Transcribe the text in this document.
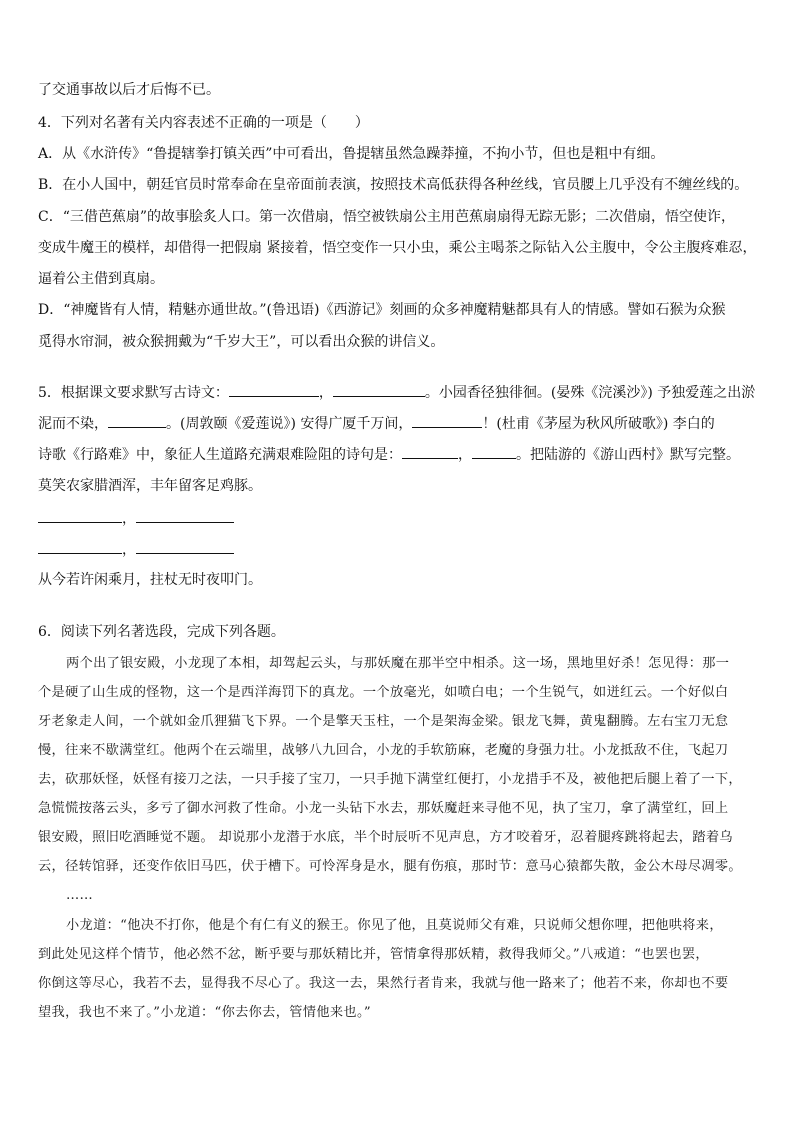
了交通事故以后才后悔不已。
4．下列对名著有关内容表述不正确的一项是（　　）
A．从《水浒传》“鲁提辖拳打镇关西”中可看出，鲁提辖虽然急躁莽撞，不拘小节，但也是粗中有细。
B．在小人国中，朝廷官员时常奉命在皇帝面前表演，按照技术高低获得各种丝线，官员腰上几乎没有不缠丝线的。
C．“三借芭蕉扇”的故事脍炙人口。第一次借扇，悟空被铁扇公主用芭蕉扇扇得无踪无影；二次借扇，悟空使诈，
变成牛魔王的模样，却借得一把假扇 紧接着，悟空变作一只小虫，乘公主喝茶之际钻入公主腹中，令公主腹疼难忍，
逼着公主借到真扇。
D．“神魔皆有人情，精魅亦通世故。”(鲁迅语)《西游记》刻画的众多神魔精魅都具有人的情感。譬如石猴为众猴
觅得水帘洞，被众猴拥戴为“千岁大王”，可以看出众猴的讲信义。
5．根据课文要求默写古诗文：	，	。小园香径独徘徊。(晏殊《浣溪沙》) 予独爱莲之出淤
泥而不染，	。(周敦颐《爱莲说》) 安得广厦千万间，	！(杜甫《茅屋为秋风所破歌》) 李白的
诗歌《行路难》中，象征人生道路充满艰难险阻的诗句是：	，	。把陆游的《游山西村》默写完整。
莫笑农家腊酒浑，丰年留客足鸡豚。
，
，
从今若许闲乘月，拄杖无时夜叩门。
6．阅读下列名著选段，完成下列各题。
两个出了银安殿，小龙现了本相，却驾起云头，与那妖魔在那半空中相杀。这一场，黑地里好杀！怎见得：那一
个是硬了山生成的怪物，这一个是西洋海罚下的真龙。一个放毫光，如喷白电；一个生锐气，如迸红云。一个好似白
牙老象走人间，一个就如金爪狸猫飞下界。一个是擎天玉柱，一个是架海金梁。银龙飞舞，黄鬼翻腾。左右宝刀无怠
慢，往来不歇满堂红。他两个在云端里，战够八九回合，小龙的手软筋麻，老魔的身强力壮。小龙抵敌不住，飞起刀
去，砍那妖怪，妖怪有接刀之法，一只手接了宝刀，一只手抛下满堂红便打，小龙措手不及，被他把后腿上着了一下，
急慌慌按落云头，多亏了御水河救了性命。小龙一头钻下水去，那妖魔赶来寻他不见，执了宝刀，拿了满堂红，回上
银安殿，照旧吃酒睡觉不题。 却说那小龙潜于水底，半个时辰听不见声息，方才咬着牙，忍着腿疼跳将起去，踏着乌
云，径转馆驿，还变作依旧马匹，伏于槽下。可怜浑身是水，腿有伤痕，那时节：意马心猿都失散，金公木母尽凋零。
……
小龙道：“他决不打你，他是个有仁有义的猴王。你见了他，且莫说师父有难，只说师父想你哩，把他哄将来，
到此处见这样个情节，他必然不忿，断乎要与那妖精比并，管情拿得那妖精，救得我师父。”八戒道：“也罢也罢，
你倒这等尽心，我若不去，显得我不尽心了。我这一去，果然行者肯来，我就与他一路来了；他若不来，你却也不要
望我，我也不来了。”小龙道：“你去你去，管情他来也。”
